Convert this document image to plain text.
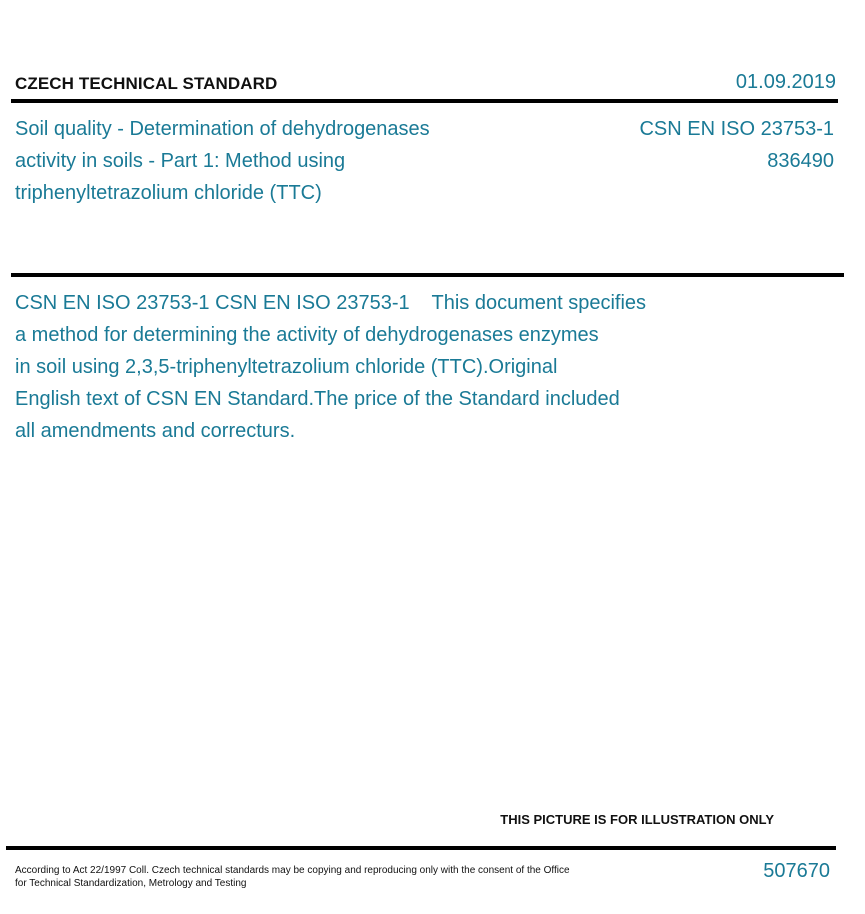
CZECH TECHNICAL STANDARD	01.09.2019
Soil quality - Determination of dehydrogenases
activity in soils - Part 1: Method using
triphenyltetrazolium chloride (TTC)
CSN EN ISO 23753-1
836490
CSN EN ISO 23753-1 CSN EN ISO 23753-1    This document specifies
a method for determining the activity of dehydrogenases enzymes
in soil using 2,3,5-triphenyltetrazolium chloride (TTC).Original
English text of CSN EN Standard.The price of the Standard included
all amendments and correcturs.
THIS PICTURE IS FOR ILLUSTRATION ONLY
According to Act 22/1997 Coll. Czech technical standards may be copying and reproducing only with the consent of the Office
for Technical Standardization, Metrology and Testing
507670
